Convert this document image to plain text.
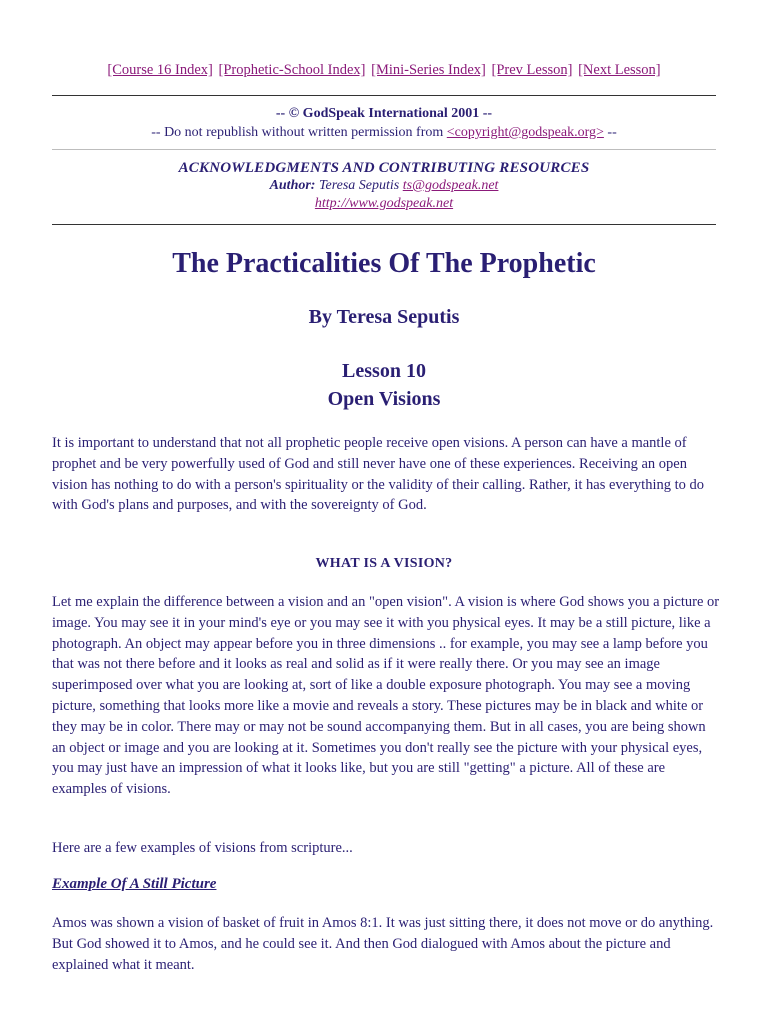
[Course 16 Index] [Prophetic-School Index] [Mini-Series Index] [Prev Lesson] [Next Lesson]
-- © GodSpeak International 2001 --
-- Do not republish without written permission from <copyright@godspeak.org> --
ACKNOWLEDGMENTS AND CONTRIBUTING RESOURCES
Author: Teresa Seputis ts@godspeak.net
http://www.godspeak.net
The Practicalities Of The Prophetic
By Teresa Seputis
Lesson 10
Open Visions

It is important to understand that not all prophetic people receive open visions. A person can have a mantle of prophet and be very powerfully used of God and still never have one of these experiences. Receiving an open vision has nothing to do with a person's spirituality or the validity of their calling. Rather, it has everything to do with God's plans and purposes, and with the sovereignty of God.

WHAT IS A VISION?

Let me explain the difference between a vision and an "open vision". A vision is where God shows you a picture or image. You may see it in your mind's eye or you may see it with you physical eyes. It may be a still picture, like a photograph. An object may appear before you in three dimensions .. for example, you may see a lamp before you that was not there before and it looks as real and solid as if it were really there. Or you may see an image superimposed over what you are looking at, sort of like a double exposure photograph. You may see a moving picture, something that looks more like a movie and reveals a story. These pictures may be in black and white or they may be in color. There may or may not be sound accompanying them. But in all cases, you are being shown an object or image and you are looking at it. Sometimes you don't really see the picture with your physical eyes, you may just have an impression of what it looks like, but you are still "getting" a picture. All of these are examples of visions.

Here are a few examples of visions from scripture...

Example Of A Still Picture

Amos was shown a vision of basket of fruit in Amos 8:1. It was just sitting there, it does not move or do anything. But God showed it to Amos, and he could see it. And then God dialogued with Amos about the picture and explained what it meant.
